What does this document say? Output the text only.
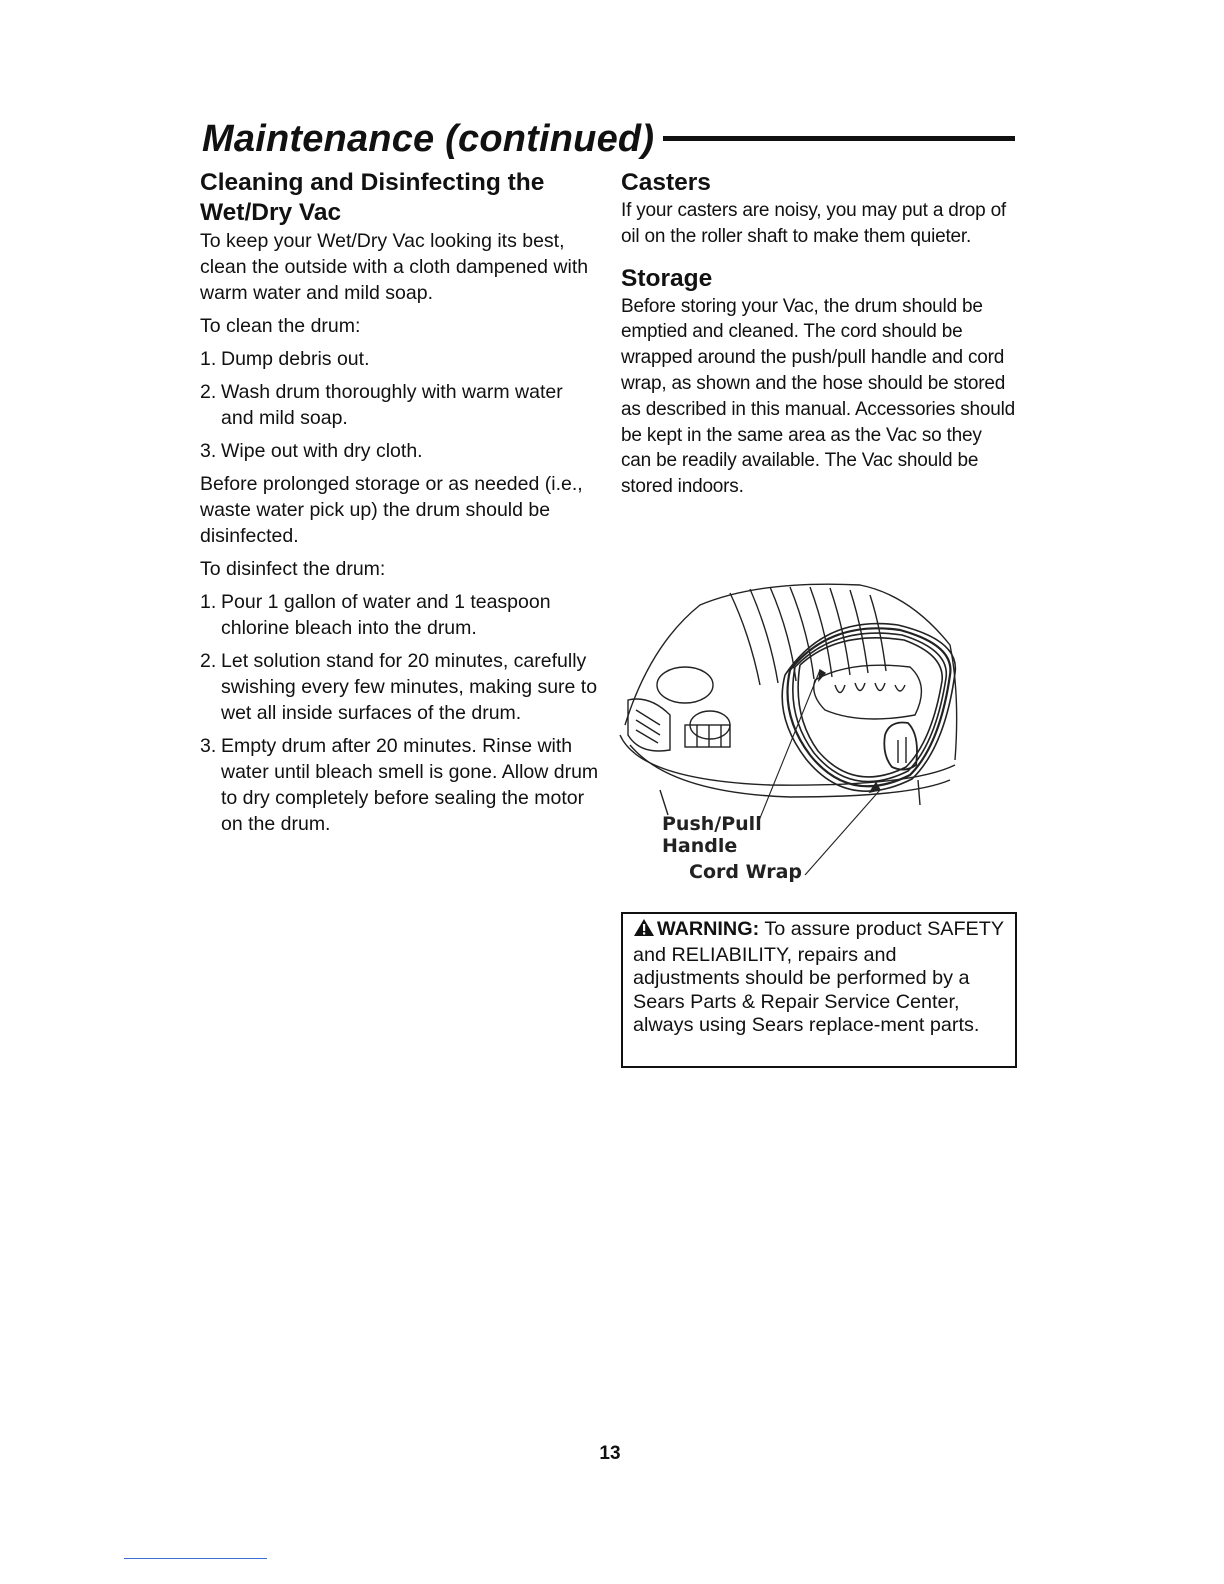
Maintenance (continued)
Cleaning and Disinfecting the
Wet/Dry Vac

To keep your Wet/Dry Vac looking its best, clean the outside with a cloth dampened with warm water and mild soap.

To clean the drum:

1. Dump debris out.
2. Wash drum thoroughly with warm water and mild soap.
3. Wipe out with dry cloth.

Before prolonged storage or as needed (i.e., waste water pick up) the drum should be disinfected.

To disinfect the drum:

1. Pour 1 gallon of water and 1 teaspoon chlorine bleach into the drum.
2. Let solution stand for 20 minutes, carefully swishing every few minutes, making sure to wet all inside surfaces of the drum.
3. Empty drum after 20 minutes. Rinse with water until bleach smell is gone. Allow drum to dry completely before sealing the motor on the drum.
Casters

If your casters are noisy, you may put a drop of oil on the roller shaft to make them quieter.

Storage

Before storing your Vac, the drum should be emptied and cleaned. The cord should be wrapped around the push/pull handle and cord wrap, as shown and the hose should be stored as described in this manual. Accessories should be kept in the same area as the Vac so they can be readily available. The Vac should be stored indoors.

Push/Pull
Handle
Cord Wrap
WARNING: To assure product SAFETY and RELIABILITY, repairs and adjustments should be performed by a Sears Parts & Repair Service Center, always using Sears replace-ment parts.
13
